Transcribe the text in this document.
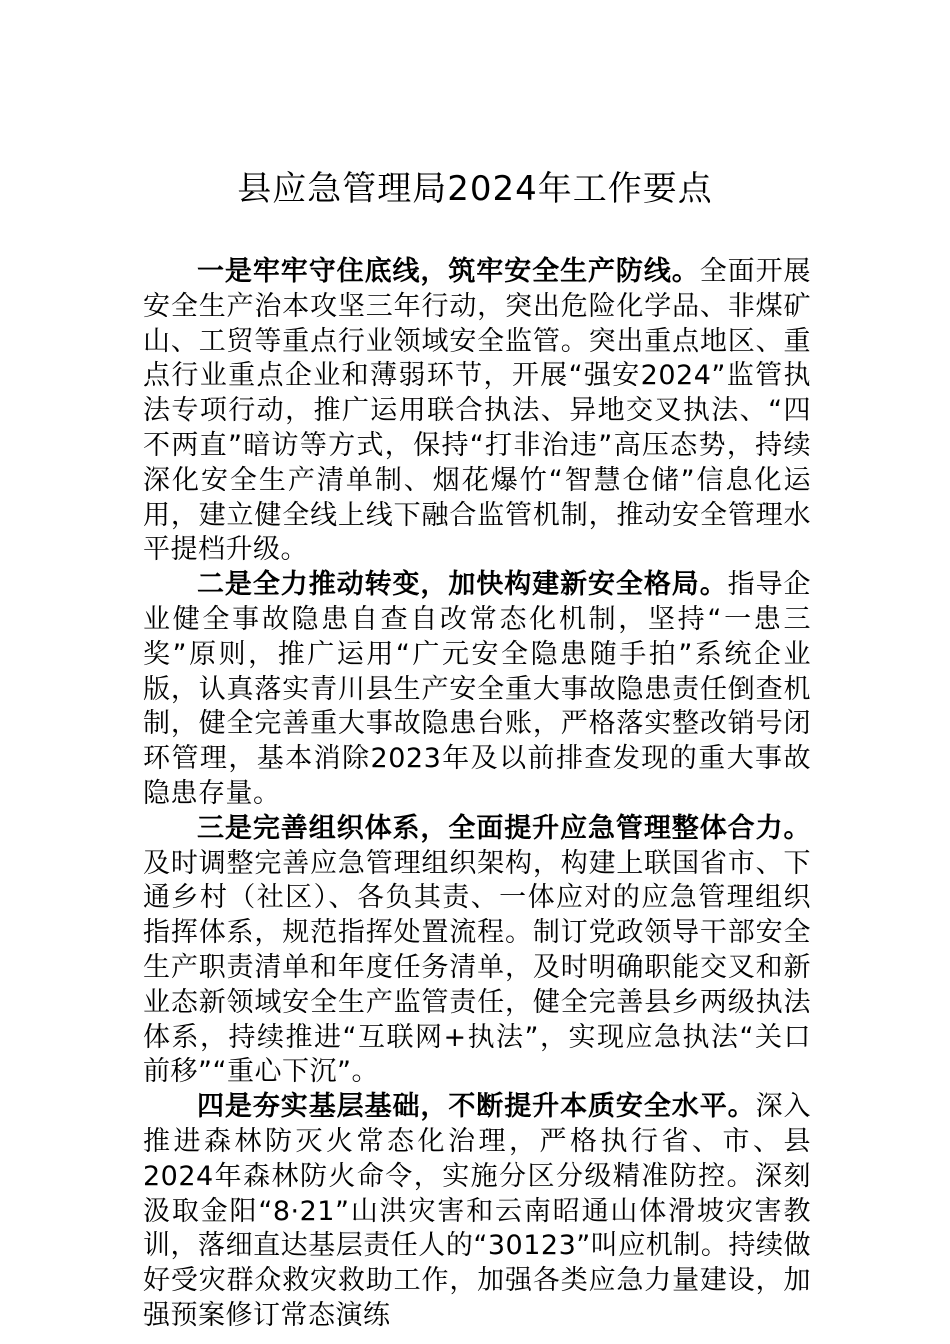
县应急管理局2024年工作要点

一是牢牢守住底线，筑牢安全生产防线。全面开展安全生产治本攻坚三年行动，突出危险化学品、非煤矿山、工贸等重点行业领域安全监管。突出重点地区、重点行业重点企业和薄弱环节，开展“强安2024”监管执法专项行动，推广运用联合执法、异地交叉执法、“四不两直”暗访等方式，保持“打非治违”高压态势，持续深化安全生产清单制、烟花爆竹“智慧仓储”信息化运用，建立健全线上线下融合监管机制，推动安全管理水平提档升级。

二是全力推动转变，加快构建新安全格局。指导企业健全事故隐患自查自改常态化机制，坚持“一患三奖”原则，推广运用“广元安全隐患随手拍”系统企业版，认真落实青川县生产安全重大事故隐患责任倒查机制，健全完善重大事故隐患台账，严格落实整改销号闭环管理，基本消除2023年及以前排查发现的重大事故隐患存量。

三是完善组织体系，全面提升应急管理整体合力。及时调整完善应急管理组织架构，构建上联国省市、下通乡村（社区）、各负其责、一体应对的应急管理组织指挥体系，规范指挥处置流程。制订党政领导干部安全生产职责清单和年度任务清单，及时明确职能交叉和新业态新领域安全生产监管责任，健全完善县乡两级执法体系，持续推进“互联网+执法”，实现应急执法“关口前移”“重心下沉”。

四是夯实基层基础，不断提升本质安全水平。深入推进森林防灭火常态化治理，严格执行省、市、县2024年森林防火命令，实施分区分级精准防控。深刻汲取金阳“8·21”山洪灾害和云南昭通山体滑坡灾害教训，落细直达基层责任人的“30123”叫应机制。持续做好受灾群众救灾救助工作，加强各类应急力量建设，加强预案修订常态演练
